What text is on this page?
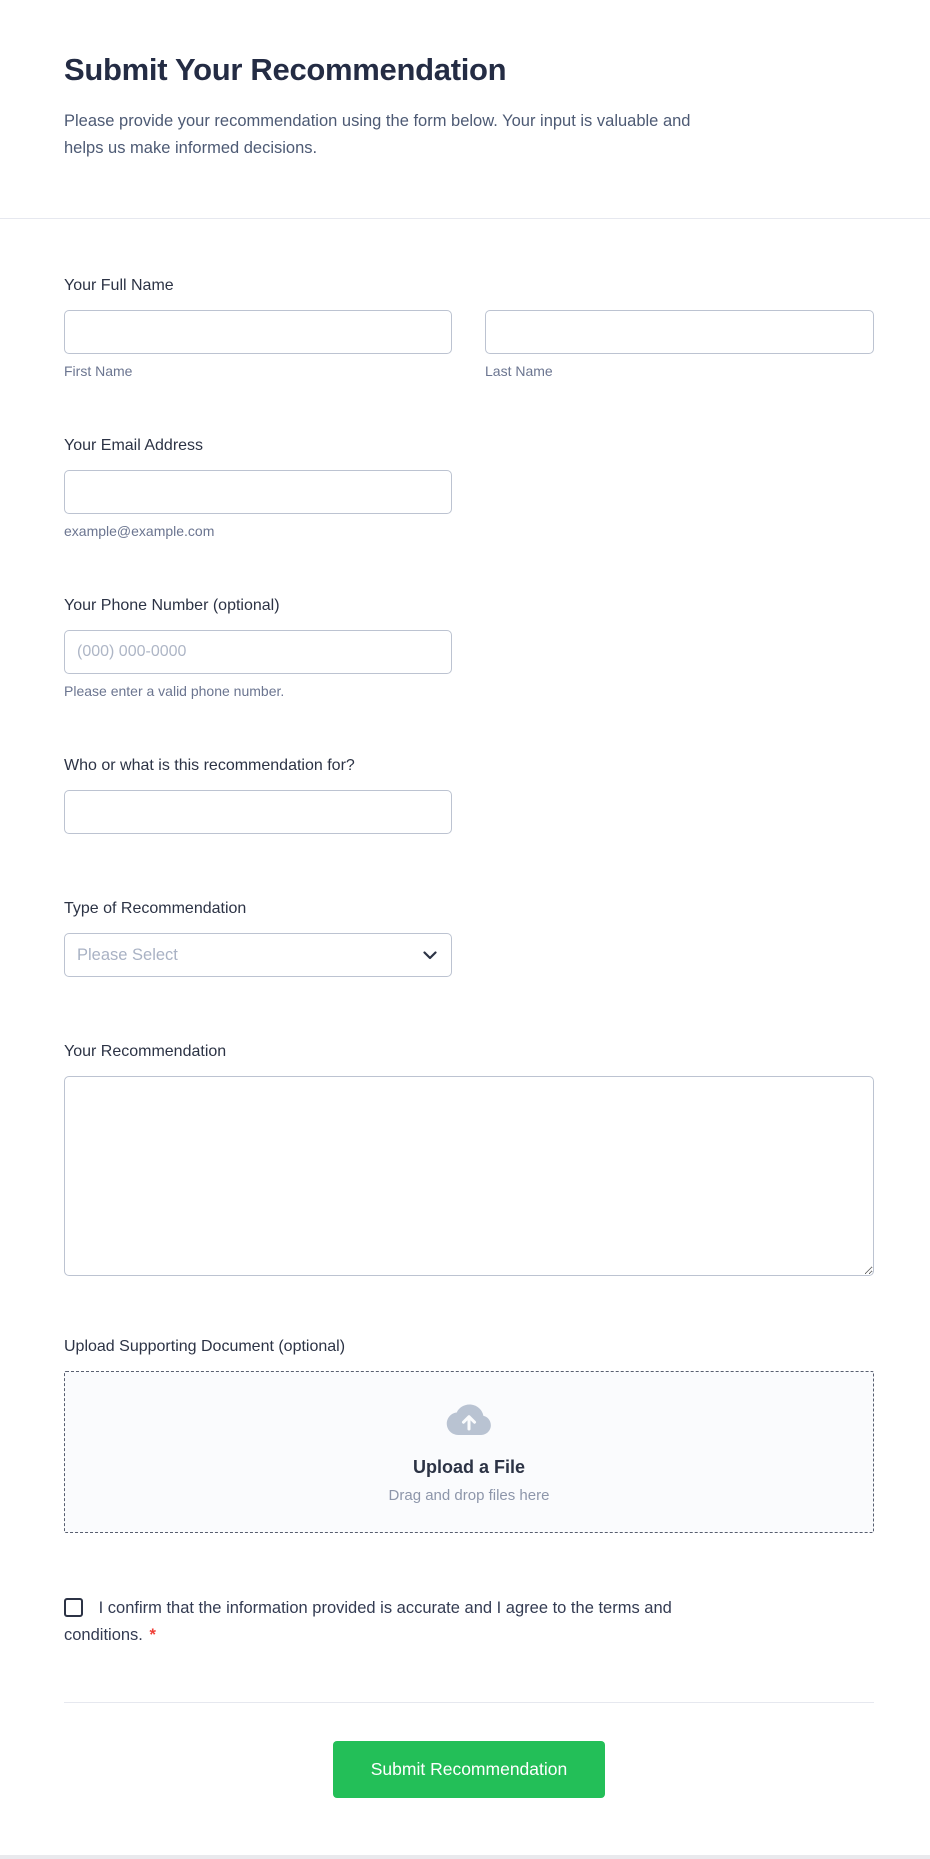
Submit Your Recommendation

Please provide your recommendation using the form below. Your input is valuable and helps us make informed decisions.

Your Full Name
First Name	Last Name
Your Email Address
example@example.com
Your Phone Number (optional)
(000) 000-0000
Please enter a valid phone number.
Who or what is this recommendation for?
Type of Recommendation
Please Select
Your Recommendation
Upload Supporting Document (optional)
Upload a File
Drag and drop files here
I confirm that the information provided is accurate and I agree to the terms and conditions. *
Submit Recommendation
